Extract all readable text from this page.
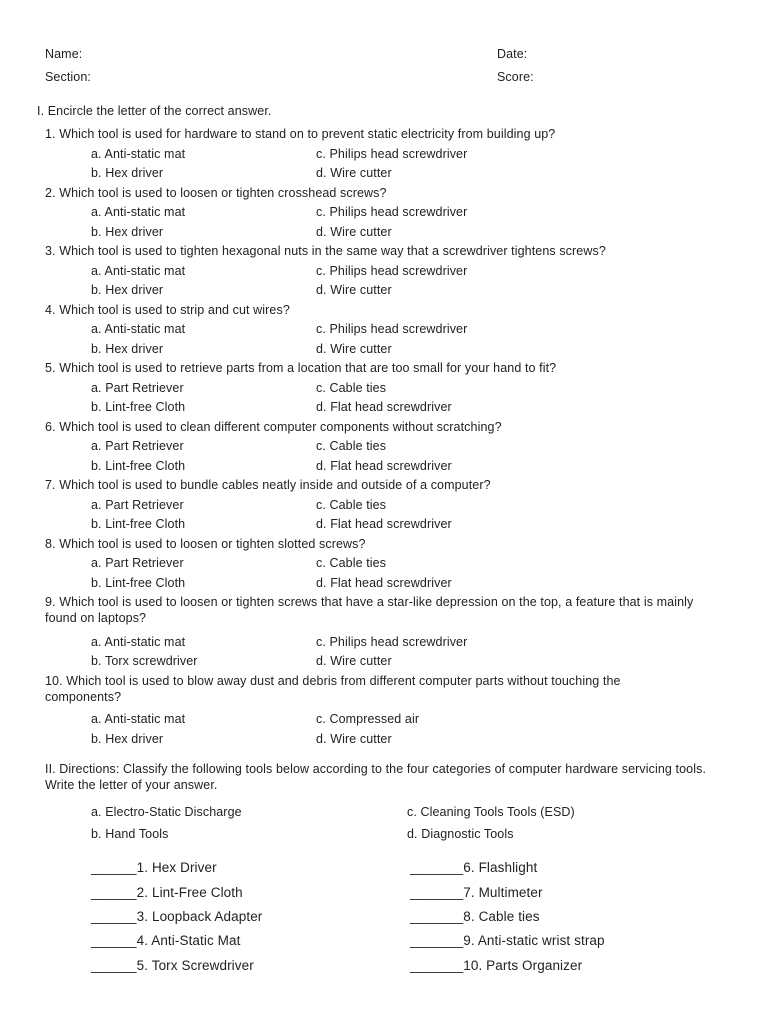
Name:
Section:
Date:
Score:
I. Encircle the letter of the correct answer.
1. Which tool is used for hardware to stand on to prevent static electricity from building up?
a. Anti-static mat	c. Philips head screwdriver
b. Hex driver	d. Wire cutter
2. Which tool is used to loosen or tighten crosshead screws?
a. Anti-static mat	c. Philips head screwdriver
b. Hex driver	d. Wire cutter
3. Which tool is used to tighten hexagonal nuts in the same way that a screwdriver tightens screws?
a. Anti-static mat	c. Philips head screwdriver
b. Hex driver	d. Wire cutter
4. Which tool is used to strip and cut wires?
a. Anti-static mat	c. Philips head screwdriver
b. Hex driver	d. Wire cutter
5. Which tool is used to retrieve parts from a location that are too small for your hand to fit?
a. Part Retriever	c. Cable ties
b. Lint-free Cloth	d. Flat head screwdriver
6. Which tool is used to clean different computer components without scratching?
a. Part Retriever	c. Cable ties
b. Lint-free Cloth	d. Flat head screwdriver
7. Which tool is used to bundle cables neatly inside and outside of a computer?
a. Part Retriever	c. Cable ties
b. Lint-free Cloth	d. Flat head screwdriver
8. Which tool is used to loosen or tighten slotted screws?
a. Part Retriever	c. Cable ties
b. Lint-free Cloth	d. Flat head screwdriver
9. Which tool is used to loosen or tighten screws that have a star-like depression on the top, a feature that is mainly found on laptops?
a. Anti-static mat	c. Philips head screwdriver
b. Torx screwdriver	d. Wire cutter
10. Which tool is used to blow away dust and debris from different computer parts without touching the components?
a. Anti-static mat	c. Compressed air
b. Hex driver	d. Wire cutter
II. Directions: Classify the following tools below according to the four categories of computer hardware servicing tools. Write the letter of your answer.
a. Electro-Static Discharge	c. Cleaning Tools Tools (ESD)
b. Hand Tools	d. Diagnostic Tools
______1. Hex Driver
______2. Lint-Free Cloth
______3. Loopback Adapter
______4. Anti-Static Mat
______5. Torx Screwdriver
_______6. Flashlight
_______7. Multimeter
_______8. Cable ties
_______9. Anti-static wrist strap
_______10. Parts Organizer
